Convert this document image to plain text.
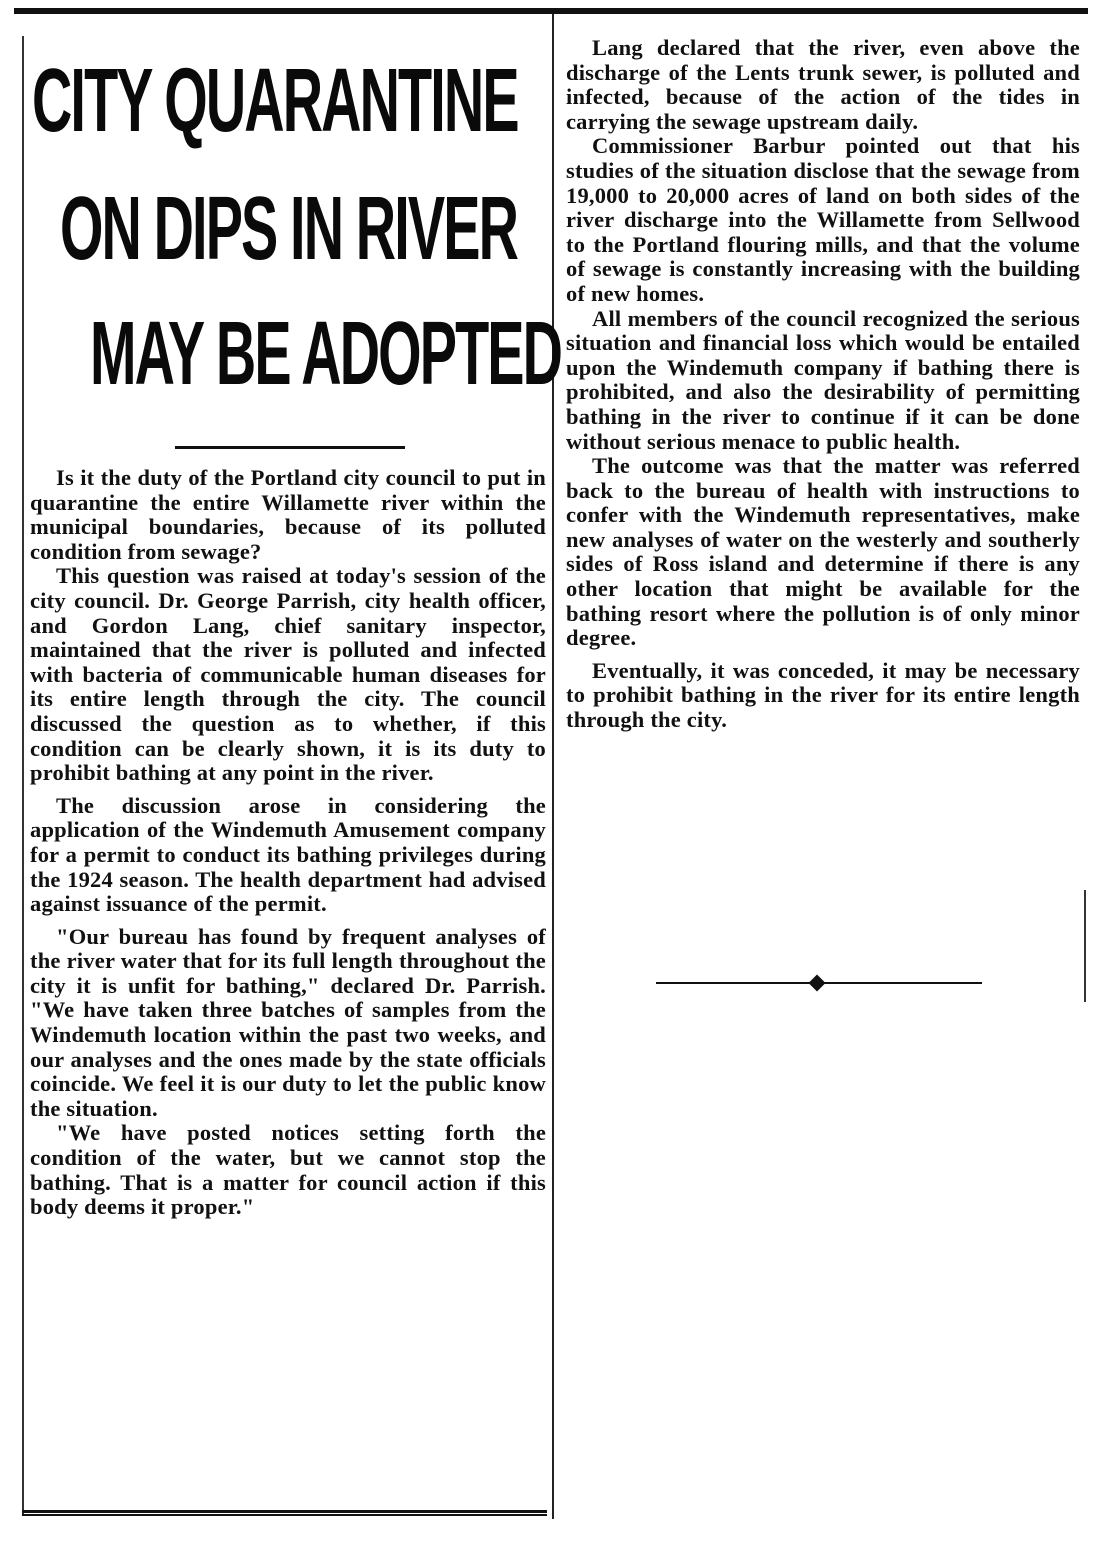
CITY QUARANTINE
ON DIPS IN RIVER
MAY BE ADOPTED

Is it the duty of the Portland city council to put in quarantine the entire Willamette river within the municipal boundaries, because of its polluted condition from sewage?

This question was raised at today's session of the city council. Dr. George Parrish, city health officer, and Gordon Lang, chief sanitary inspector, maintained that the river is polluted and infected with bacteria of communicable human diseases for its entire length through the city. The council discussed the question as to whether, if this condition can be clearly shown, it is its duty to prohibit bathing at any point in the river.

The discussion arose in considering the application of the Windemuth Amusement company for a permit to conduct its bathing privileges during the 1924 season. The health department had advised against issuance of the permit.

"Our bureau has found by frequent analyses of the river water that for its full length throughout the city it is unfit for bathing," declared Dr. Parrish. "We have taken three batches of samples from the Windemuth location within the past two weeks, and our analyses and the ones made by the state officials coincide. We feel it is our duty to let the public know the situation.

"We have posted notices setting forth the condition of the water, but we cannot stop the bathing. That is a matter for council action if this body deems it proper."

Lang declared that the river, even above the discharge of the Lents trunk sewer, is polluted and infected, because of the action of the tides in carrying the sewage upstream daily.

Commissioner Barbur pointed out that his studies of the situation disclose that the sewage from 19,000 to 20,000 acres of land on both sides of the river discharge into the Willamette from Sellwood to the Portland flouring mills, and that the volume of sewage is constantly increasing with the building of new homes.

All members of the council recognized the serious situation and financial loss which would be entailed upon the Windemuth company if bathing there is prohibited, and also the desirability of permitting bathing in the river to continue if it can be done without serious menace to public health.

The outcome was that the matter was referred back to the bureau of health with instructions to confer with the Windemuth representatives, make new analyses of water on the westerly and southerly sides of Ross island and determine if there is any other location that might be available for the bathing resort where the pollution is of only minor degree.

Eventually, it was conceded, it may be necessary to prohibit bathing in the river for its entire length through the city.
